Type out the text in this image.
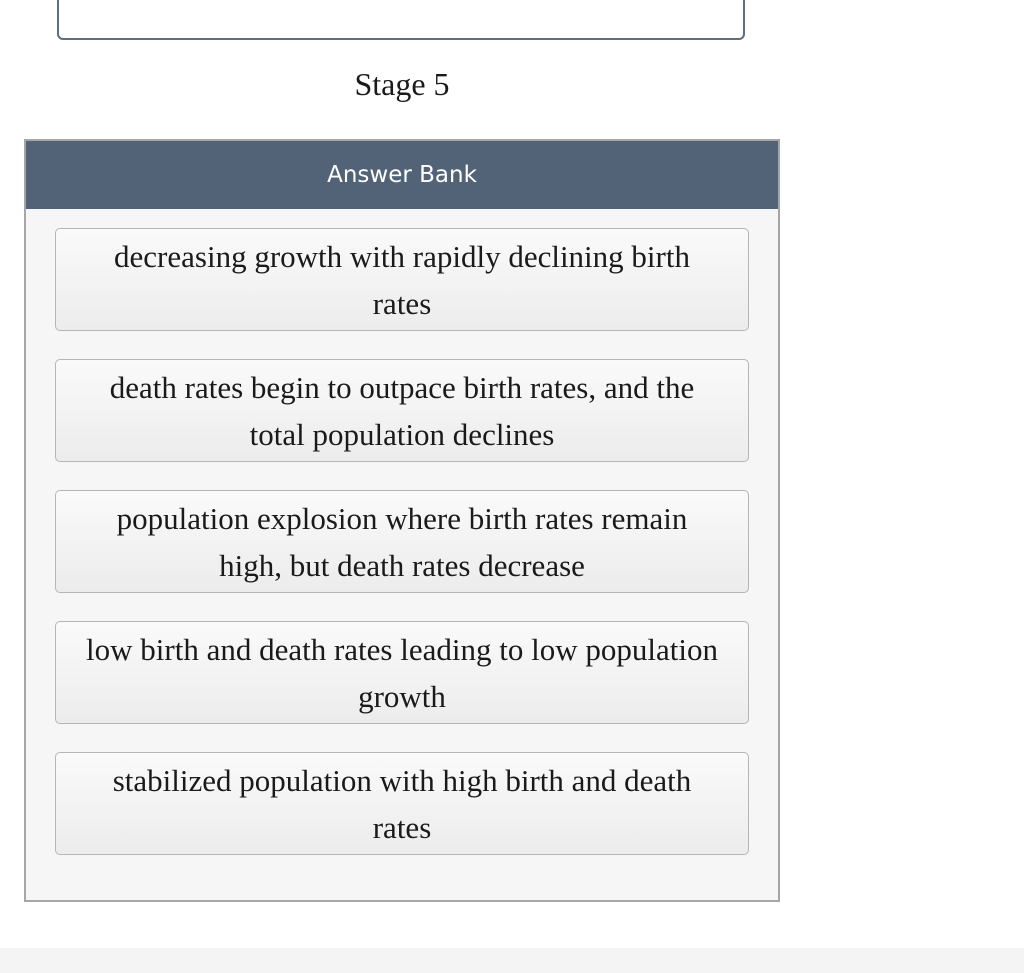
Stage 5
Answer Bank
decreasing growth with rapidly declining birth rates
death rates begin to outpace birth rates, and the total population declines
population explosion where birth rates remain high, but death rates decrease
low birth and death rates leading to low population growth
stabilized population with high birth and death rates
